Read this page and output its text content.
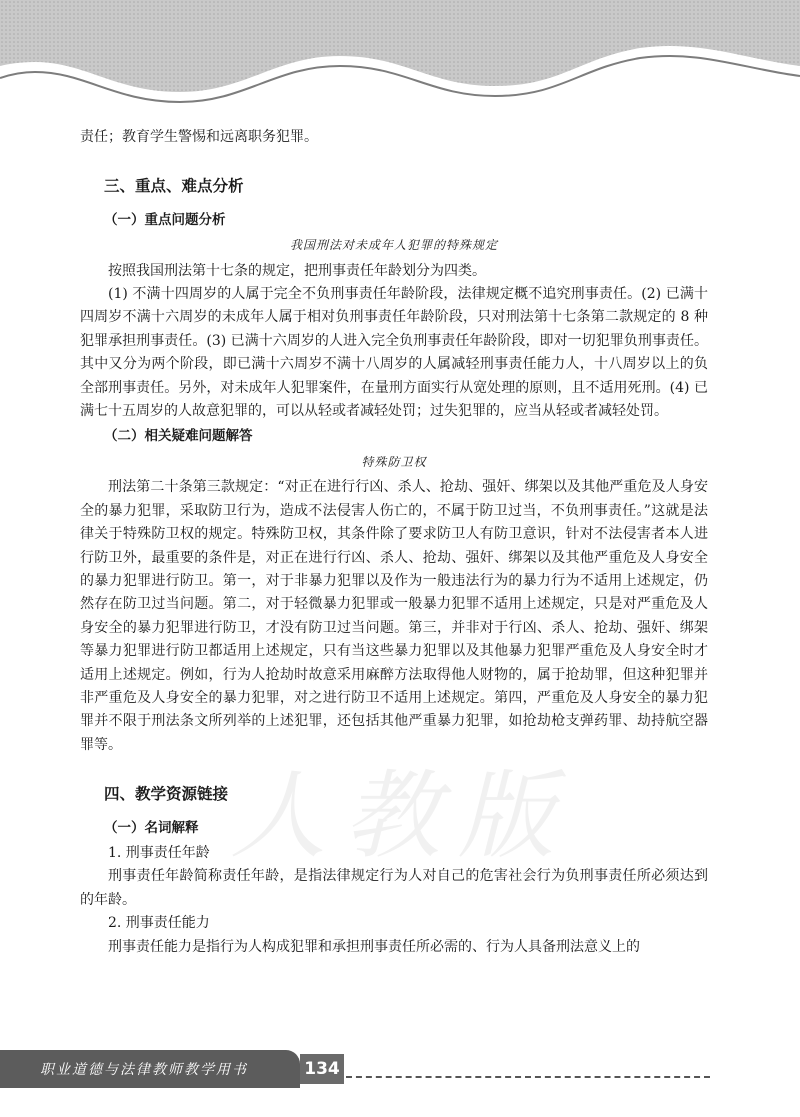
人教版

责任；教育学生警惕和远离职务犯罪。

三、重点、难点分析

（一）重点问题分析

我国刑法对未成年人犯罪的特殊规定

按照我国刑法第十七条的规定，把刑事责任年龄划分为四类。

(1) 不满十四周岁的人属于完全不负刑事责任年龄阶段，法律规定概不追究刑事责任。(2) 已满十四周岁不满十六周岁的未成年人属于相对负刑事责任年龄阶段，只对刑法第十七条第二款规定的 8 种犯罪承担刑事责任。(3) 已满十六周岁的人进入完全负刑事责任年龄阶段，即对一切犯罪负刑事责任。其中又分为两个阶段，即已满十六周岁不满十八周岁的人属减轻刑事责任能力人，十八周岁以上的负全部刑事责任。另外，对未成年人犯罪案件，在量刑方面实行从宽处理的原则，且不适用死刑。(4) 已满七十五周岁的人故意犯罪的，可以从轻或者减轻处罚；过失犯罪的，应当从轻或者减轻处罚。

（二）相关疑难问题解答

特殊防卫权

刑法第二十条第三款规定：“对正在进行行凶、杀人、抢劫、强奸、绑架以及其他严重危及人身安全的暴力犯罪，采取防卫行为，造成不法侵害人伤亡的，不属于防卫过当，不负刑事责任。”这就是法律关于特殊防卫权的规定。特殊防卫权，其条件除了要求防卫人有防卫意识，针对不法侵害者本人进行防卫外，最重要的条件是，对正在进行行凶、杀人、抢劫、强奸、绑架以及其他严重危及人身安全的暴力犯罪进行防卫。第一，对于非暴力犯罪以及作为一般违法行为的暴力行为不适用上述规定，仍然存在防卫过当问题。第二，对于轻微暴力犯罪或一般暴力犯罪不适用上述规定，只是对严重危及人身安全的暴力犯罪进行防卫，才没有防卫过当问题。第三，并非对于行凶、杀人、抢劫、强奸、绑架等暴力犯罪进行防卫都适用上述规定，只有当这些暴力犯罪以及其他暴力犯罪严重危及人身安全时才适用上述规定。例如，行为人抢劫时故意采用麻醉方法取得他人财物的，属于抢劫罪，但这种犯罪并非严重危及人身安全的暴力犯罪，对之进行防卫不适用上述规定。第四，严重危及人身安全的暴力犯罪并不限于刑法条文所列举的上述犯罪，还包括其他严重暴力犯罪，如抢劫枪支弹药罪、劫持航空器罪等。

四、教学资源链接

（一）名词解释

1. 刑事责任年龄

刑事责任年龄简称责任年龄，是指法律规定行为人对自己的危害社会行为负刑事责任所必须达到的年龄。

2. 刑事责任能力

刑事责任能力是指行为人构成犯罪和承担刑事责任所必需的、行为人具备刑法意义上的

职业道德与法律教师教学用书	134
